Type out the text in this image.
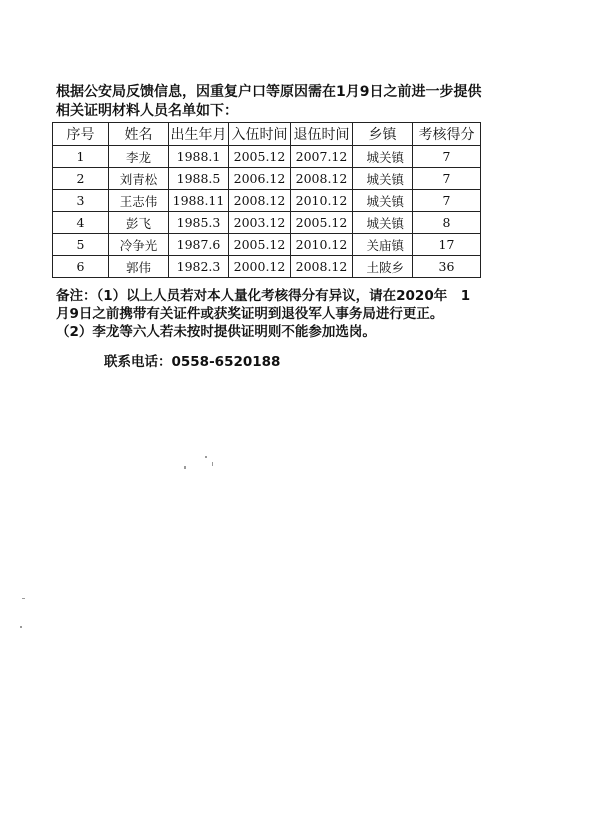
根据公安局反馈信息，因重复户口等原因需在1月9日之前进一步提供
相关证明材料人员名单如下：
序号	姓名	出生年月	入伍时间	退伍时间	乡镇	考核得分
1	李龙	1988.1	2005.12	2007.12	城关镇	7
2	刘青松	1988.5	2006.12	2008.12	城关镇	7
3	王志伟	1988.11	2008.12	2010.12	城关镇	7
4	彭飞	1985.3	2003.12	2005.12	城关镇	8
5	冷争光	1987.6	2005.12	2010.12	关庙镇	17
6	郭伟	1982.3	2000.12	2008.12	土陂乡	36

备注：（1）以上人员若对本人量化考核得分有异议，请在2020年　1

月9日之前携带有关证件或获奖证明到退役军人事务局进行更正。

（2）李龙等六人若未按时提供证明则不能参加选岗。

联系电话：0558-6520188
